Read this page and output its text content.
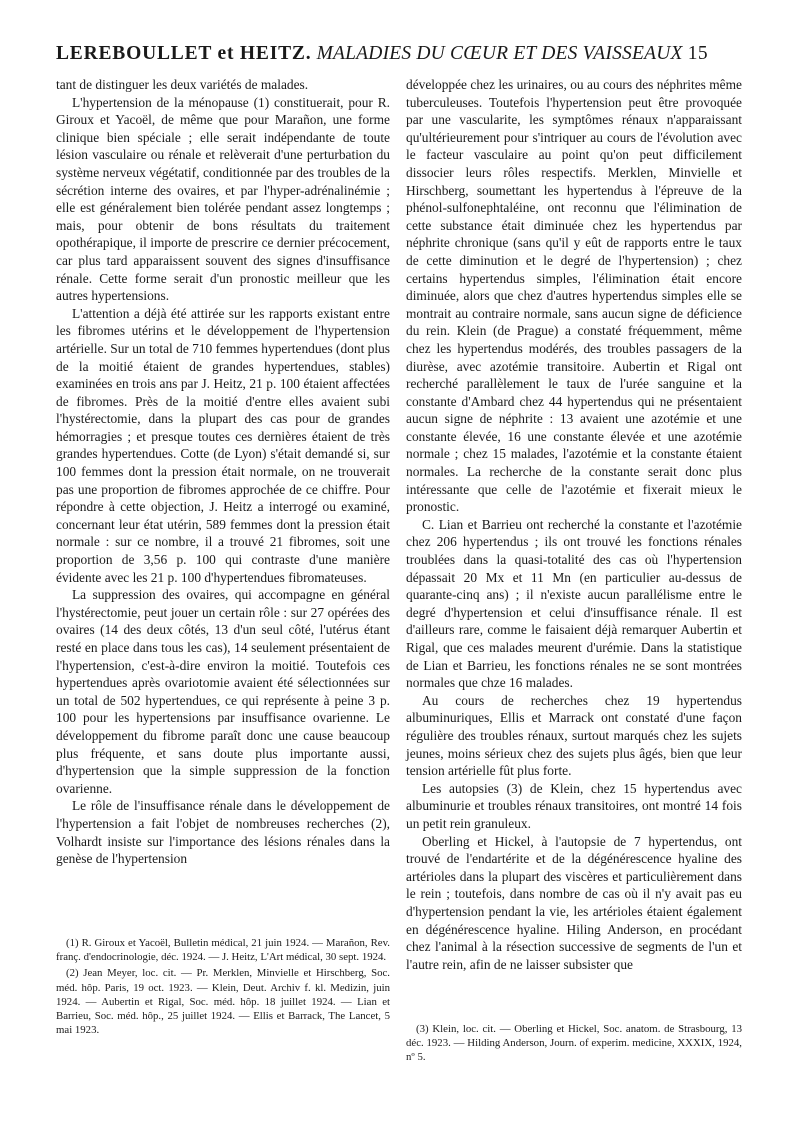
LEREBOULLET et HEITZ. MALADIES DU CŒUR ET DES VAISSEAUX 15

tant de distinguer les deux variétés de malades.

L'hypertension de la ménopause (1) constituerait, pour R. Giroux et Yacoël, de même que pour Marañon, une forme clinique bien spéciale ; elle serait indépendante de toute lésion vasculaire ou rénale et relèverait d'une perturbation du système nerveux végétatif, conditionnée par des troubles de la sécrétion interne des ovaires, et par l'hyper-adrénalinémie ; elle est généralement bien tolérée pendant assez longtemps ; mais, pour obtenir de bons résultats du traitement opothérapique, il importe de prescrire ce dernier précocement, car plus tard apparaissent souvent des signes d'insuffisance rénale. Cette forme serait d'un pronostic meilleur que les autres hypertensions.

L'attention a déjà été attirée sur les rapports existant entre les fibromes utérins et le développement de l'hypertension artérielle. Sur un total de 710 femmes hypertendues (dont plus de la moitié étaient de grandes hypertendues, stables) examinées en trois ans par J. Heitz, 21 p. 100 étaient affectées de fibromes. Près de la moitié d'entre elles avaient subi l'hystérectomie, dans la plupart des cas pour de grandes hémorragies ; et presque toutes ces dernières étaient de très grandes hypertendues. Cotte (de Lyon) s'était demandé si, sur 100 femmes dont la pression était normale, on ne trouverait pas une proportion de fibromes approchée de ce chiffre. Pour répondre à cette objection, J. Heitz a interrogé ou examiné, concernant leur état utérin, 589 femmes dont la pression était normale : sur ce nombre, il a trouvé 21 fibromes, soit une proportion de 3,56 p. 100 qui contraste d'une manière évidente avec les 21 p. 100 d'hypertendues fibromateuses.

La suppression des ovaires, qui accompagne en général l'hystérectomie, peut jouer un certain rôle : sur 27 opérées des ovaires (14 des deux côtés, 13 d'un seul côté, l'utérus étant resté en place dans tous les cas), 14 seulement présentaient de l'hypertension, c'est-à-dire environ la moitié. Toutefois ces hypertendues après ovariotomie avaient été sélectionnées sur un total de 502 hypertendues, ce qui représente à peine 3 p. 100 pour les hypertensions par insuffisance ovarienne. Le développement du fibrome paraît donc une cause beaucoup plus fréquente, et sans doute plus importante aussi, d'hypertension que la simple suppression de la fonction ovarienne.

Le rôle de l'insuffisance rénale dans le développement de l'hypertension a fait l'objet de nombreuses recherches (2), Volhardt insiste sur l'importance des lésions rénales dans la genèse de l'hypertension

développée chez les urinaires, ou au cours des néphrites même tuberculeuses. Toutefois l'hypertension peut être provoquée par une vascularite, les symptômes rénaux n'apparaissant qu'ultérieurement pour s'intriquer au cours de l'évolution avec le facteur vasculaire au point qu'on peut difficilement dissocier leurs rôles respectifs. Merklen, Minvielle et Hirschberg, soumettant les hypertendus à l'épreuve de la phénol-sulfonephtaléine, ont reconnu que l'élimination de cette substance était diminuée chez les hypertendus par néphrite chronique (sans qu'il y eût de rapports entre le taux de cette diminution et le degré de l'hypertension) ; chez certains hypertendus simples, l'élimination était encore diminuée, alors que chez d'autres hypertendus simples elle se montrait au contraire normale, sans aucun signe de déficience du rein. Klein (de Prague) a constaté fréquemment, même chez les hypertendus modérés, des troubles passagers de la diurèse, avec azotémie transitoire. Aubertin et Rigal ont recherché parallèlement le taux de l'urée sanguine et la constante d'Ambard chez 44 hypertendus qui ne présentaient aucun signe de néphrite : 13 avaient une azotémie et une constante élevée, 16 une constante élevée et une azotémie normale ; chez 15 malades, l'azotémie et la constante étaient normales. La recherche de la constante serait donc plus intéressante que celle de l'azotémie et fixerait mieux le pronostic.

C. Lian et Barrieu ont recherché la constante et l'azotémie chez 206 hypertendus ; ils ont trouvé les fonctions rénales troublées dans la quasi-totalité des cas où l'hypertension dépassait 20 Mx et 11 Mn (en particulier au-dessus de quarante-cinq ans) ; il n'existe aucun parallélisme entre le degré d'hypertension et celui d'insuffisance rénale. Il est d'ailleurs rare, comme le faisaient déjà remarquer Aubertin et Rigal, que ces malades meurent d'urémie. Dans la statistique de Lian et Barrieu, les fonctions rénales ne se sont montrées normales que chze 16 malades.

Au cours de recherches chez 19 hypertendus albuminuriques, Ellis et Marrack ont constaté d'une façon régulière des troubles rénaux, surtout marqués chez les sujets jeunes, moins sérieux chez des sujets plus âgés, bien que leur tension artérielle fût plus forte.

Les autopsies (3) de Klein, chez 15 hypertendus avec albuminurie et troubles rénaux transitoires, ont montré 14 fois un petit rein granuleux.

Oberling et Hickel, à l'autopsie de 7 hypertendus, ont trouvé de l'endartérite et de la dégénérescence hyaline des artérioles dans la plupart des viscères et particulièrement dans le rein ; toutefois, dans nombre de cas où il n'y avait pas eu d'hypertension pendant la vie, les artérioles étaient également en dégénérescence hyaline. Hiling Anderson, en procédant chez l'animal à la résection successive de segments de l'un et l'autre rein, afin de ne laisser subsister que

(1) R. Giroux et Yacoël, Bulletin médical, 21 juin 1924. — Marañon, Rev. franç. d'endocrinologie, déc. 1924. — J. Heitz, L'Art médical, 30 sept. 1924.

(2) Jean Meyer, loc. cit. — Pr. Merklen, Minvielle et Hirschberg, Soc. méd. hôp. Paris, 19 oct. 1923. — Klein, Deut. Archiv f. kl. Medizin, juin 1924. — Aubertin et Rigal, Soc. méd. hôp. 18 juillet 1924. — Lian et Barrieu, Soc. méd. hôp., 25 juillet 1924. — Ellis et Barrack, The Lancet, 5 mai 1923.	(3) Klein, loc. cit. — Oberling et Hickel, Soc. anatom. de Strasbourg, 13 déc. 1923. — Hilding Anderson, Journ. of experim. medicine, XXXIX, 1924, nº 5.
